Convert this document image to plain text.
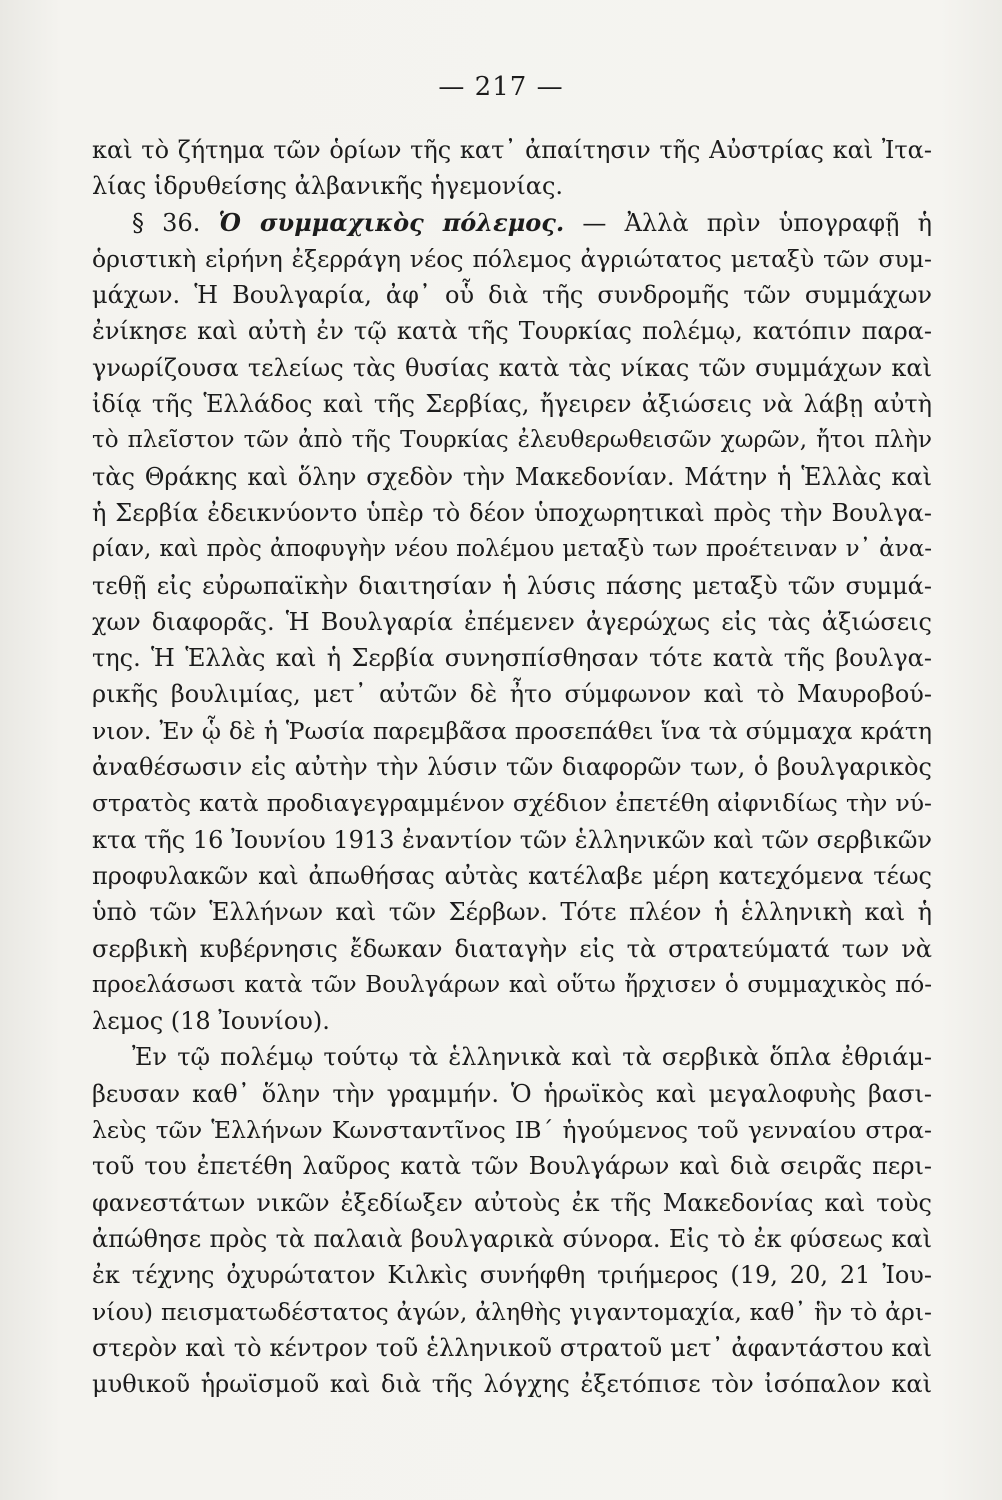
— 217 —
καὶ τὸ ζήτημα τῶν ὁρίων τῆς κατ᾽ ἀπαίτησιν τῆς Αὐστρίας καὶ Ἰτα-
λίας ἱδρυθείσης ἀλβανικῆς ἡγεμονίας.
§ 36. Ὁ συμμαχικὸς πόλεμος. — Ἀλλὰ πρὶν ὑπογραφῇ ἡ
ὁριστικὴ εἰρήνη ἐξερράγη νέος πόλεμος ἀγριώτατος μεταξὺ τῶν συμ-
μάχων. Ἡ Βουλγαρία, ἀφ᾽ οὗ διὰ τῆς συνδρομῆς τῶν συμμάχων
ἐνίκησε καὶ αὐτὴ ἐν τῷ κατὰ τῆς Τουρκίας πολέμῳ, κατόπιν παρα-
γνωρίζουσα τελείως τὰς θυσίας κατὰ τὰς νίκας τῶν συμμάχων καὶ
ἰδίᾳ τῆς Ἑλλάδος καὶ τῆς Σερβίας, ἤγειρεν ἀξιώσεις νὰ λάβῃ αὐτὴ
τὸ πλεῖστον τῶν ἀπὸ τῆς Τουρκίας ἐλευθερωθεισῶν χωρῶν, ἤτοι πλὴν
τὰς Θράκης καὶ ὅλην σχεδὸν τὴν Μακεδονίαν. Μάτην ἡ Ἑλλὰς καὶ
ἡ Σερβία ἐδεικνύοντο ὑπὲρ τὸ δέον ὑποχωρητικαὶ πρὸς τὴν Βουλγα-
ρίαν, καὶ πρὸς ἀποφυγὴν νέου πολέμου μεταξὺ των προέτειναν ν᾽ ἀνα-
τεθῇ εἰς εὐρωπαϊκὴν διαιτησίαν ἡ λύσις πάσης μεταξὺ τῶν συμμά-
χων διαφορᾶς. Ἡ Βουλγαρία ἐπέμενεν ἀγερώχως εἰς τὰς ἀξιώσεις
της. Ἡ Ἑλλὰς καὶ ἡ Σερβία συνησπίσθησαν τότε κατὰ τῆς βουλγα-
ρικῆς βουλιμίας, μετ᾽ αὐτῶν δὲ ἦτο σύμφωνον καὶ τὸ Μαυροβού-
νιον. Ἐν ᾧ δὲ ἡ Ῥωσία παρεμβᾶσα προσεπάθει ἵνα τὰ σύμμαχα κράτη
ἀναθέσωσιν εἰς αὐτὴν τὴν λύσιν τῶν διαφορῶν των, ὁ βουλγαρικὸς
στρατὸς κατὰ προδιαγεγραμμένον σχέδιον ἐπετέθη αἰφνιδίως τὴν νύ-
κτα τῆς 16 Ἰουνίου 1913 ἐναντίον τῶν ἑλληνικῶν καὶ τῶν σερβικῶν
προφυλακῶν καὶ ἀπωθήσας αὐτὰς κατέλαβε μέρη κατεχόμενα τέως
ὑπὸ τῶν Ἑλλήνων καὶ τῶν Σέρβων. Τότε πλέον ἡ ἑλληνικὴ καὶ ἡ
σερβικὴ κυβέρνησις ἔδωκαν διαταγὴν εἰς τὰ στρατεύματά των νὰ
προελάσωσι κατὰ τῶν Βουλγάρων καὶ οὕτω ἤρχισεν ὁ συμμαχικὸς πό-
λεμος (18 Ἰουνίου).
Ἐν τῷ πολέμῳ τούτῳ τὰ ἑλληνικὰ καὶ τὰ σερβικὰ ὅπλα ἐθριάμ-
βευσαν καθ᾽ ὅλην τὴν γραμμήν. Ὁ ἡρωϊκὸς καὶ μεγαλοφυὴς βασι-
λεὺς τῶν Ἑλλήνων Κωνσταντῖνος ΙΒ´ ἡγούμενος τοῦ γενναίου στρα-
τοῦ του ἐπετέθη λαῦρος κατὰ τῶν Βουλγάρων καὶ διὰ σειρᾶς περι-
φανεστάτων νικῶν ἐξεδίωξεν αὐτοὺς ἐκ τῆς Μακεδονίας καὶ τοὺς
ἀπώθησε πρὸς τὰ παλαιὰ βουλγαρικὰ σύνορα. Εἰς τὸ ἐκ φύσεως καὶ
ἐκ τέχνης ὀχυρώτατον Κιλκὶς συνήφθη τριήμερος (19, 20, 21 Ἰου-
νίου) πεισματωδέστατος ἀγών, ἀληθὴς γιγαντομαχία, καθ᾽ ἣν τὸ ἀρι-
στερὸν καὶ τὸ κέντρον τοῦ ἑλληνικοῦ στρατοῦ μετ᾽ ἀφαντάστου καὶ
μυθικοῦ ἡρωϊσμοῦ καὶ διὰ τῆς λόγχης ἐξετόπισε τὸν ἰσόπαλον καὶ
